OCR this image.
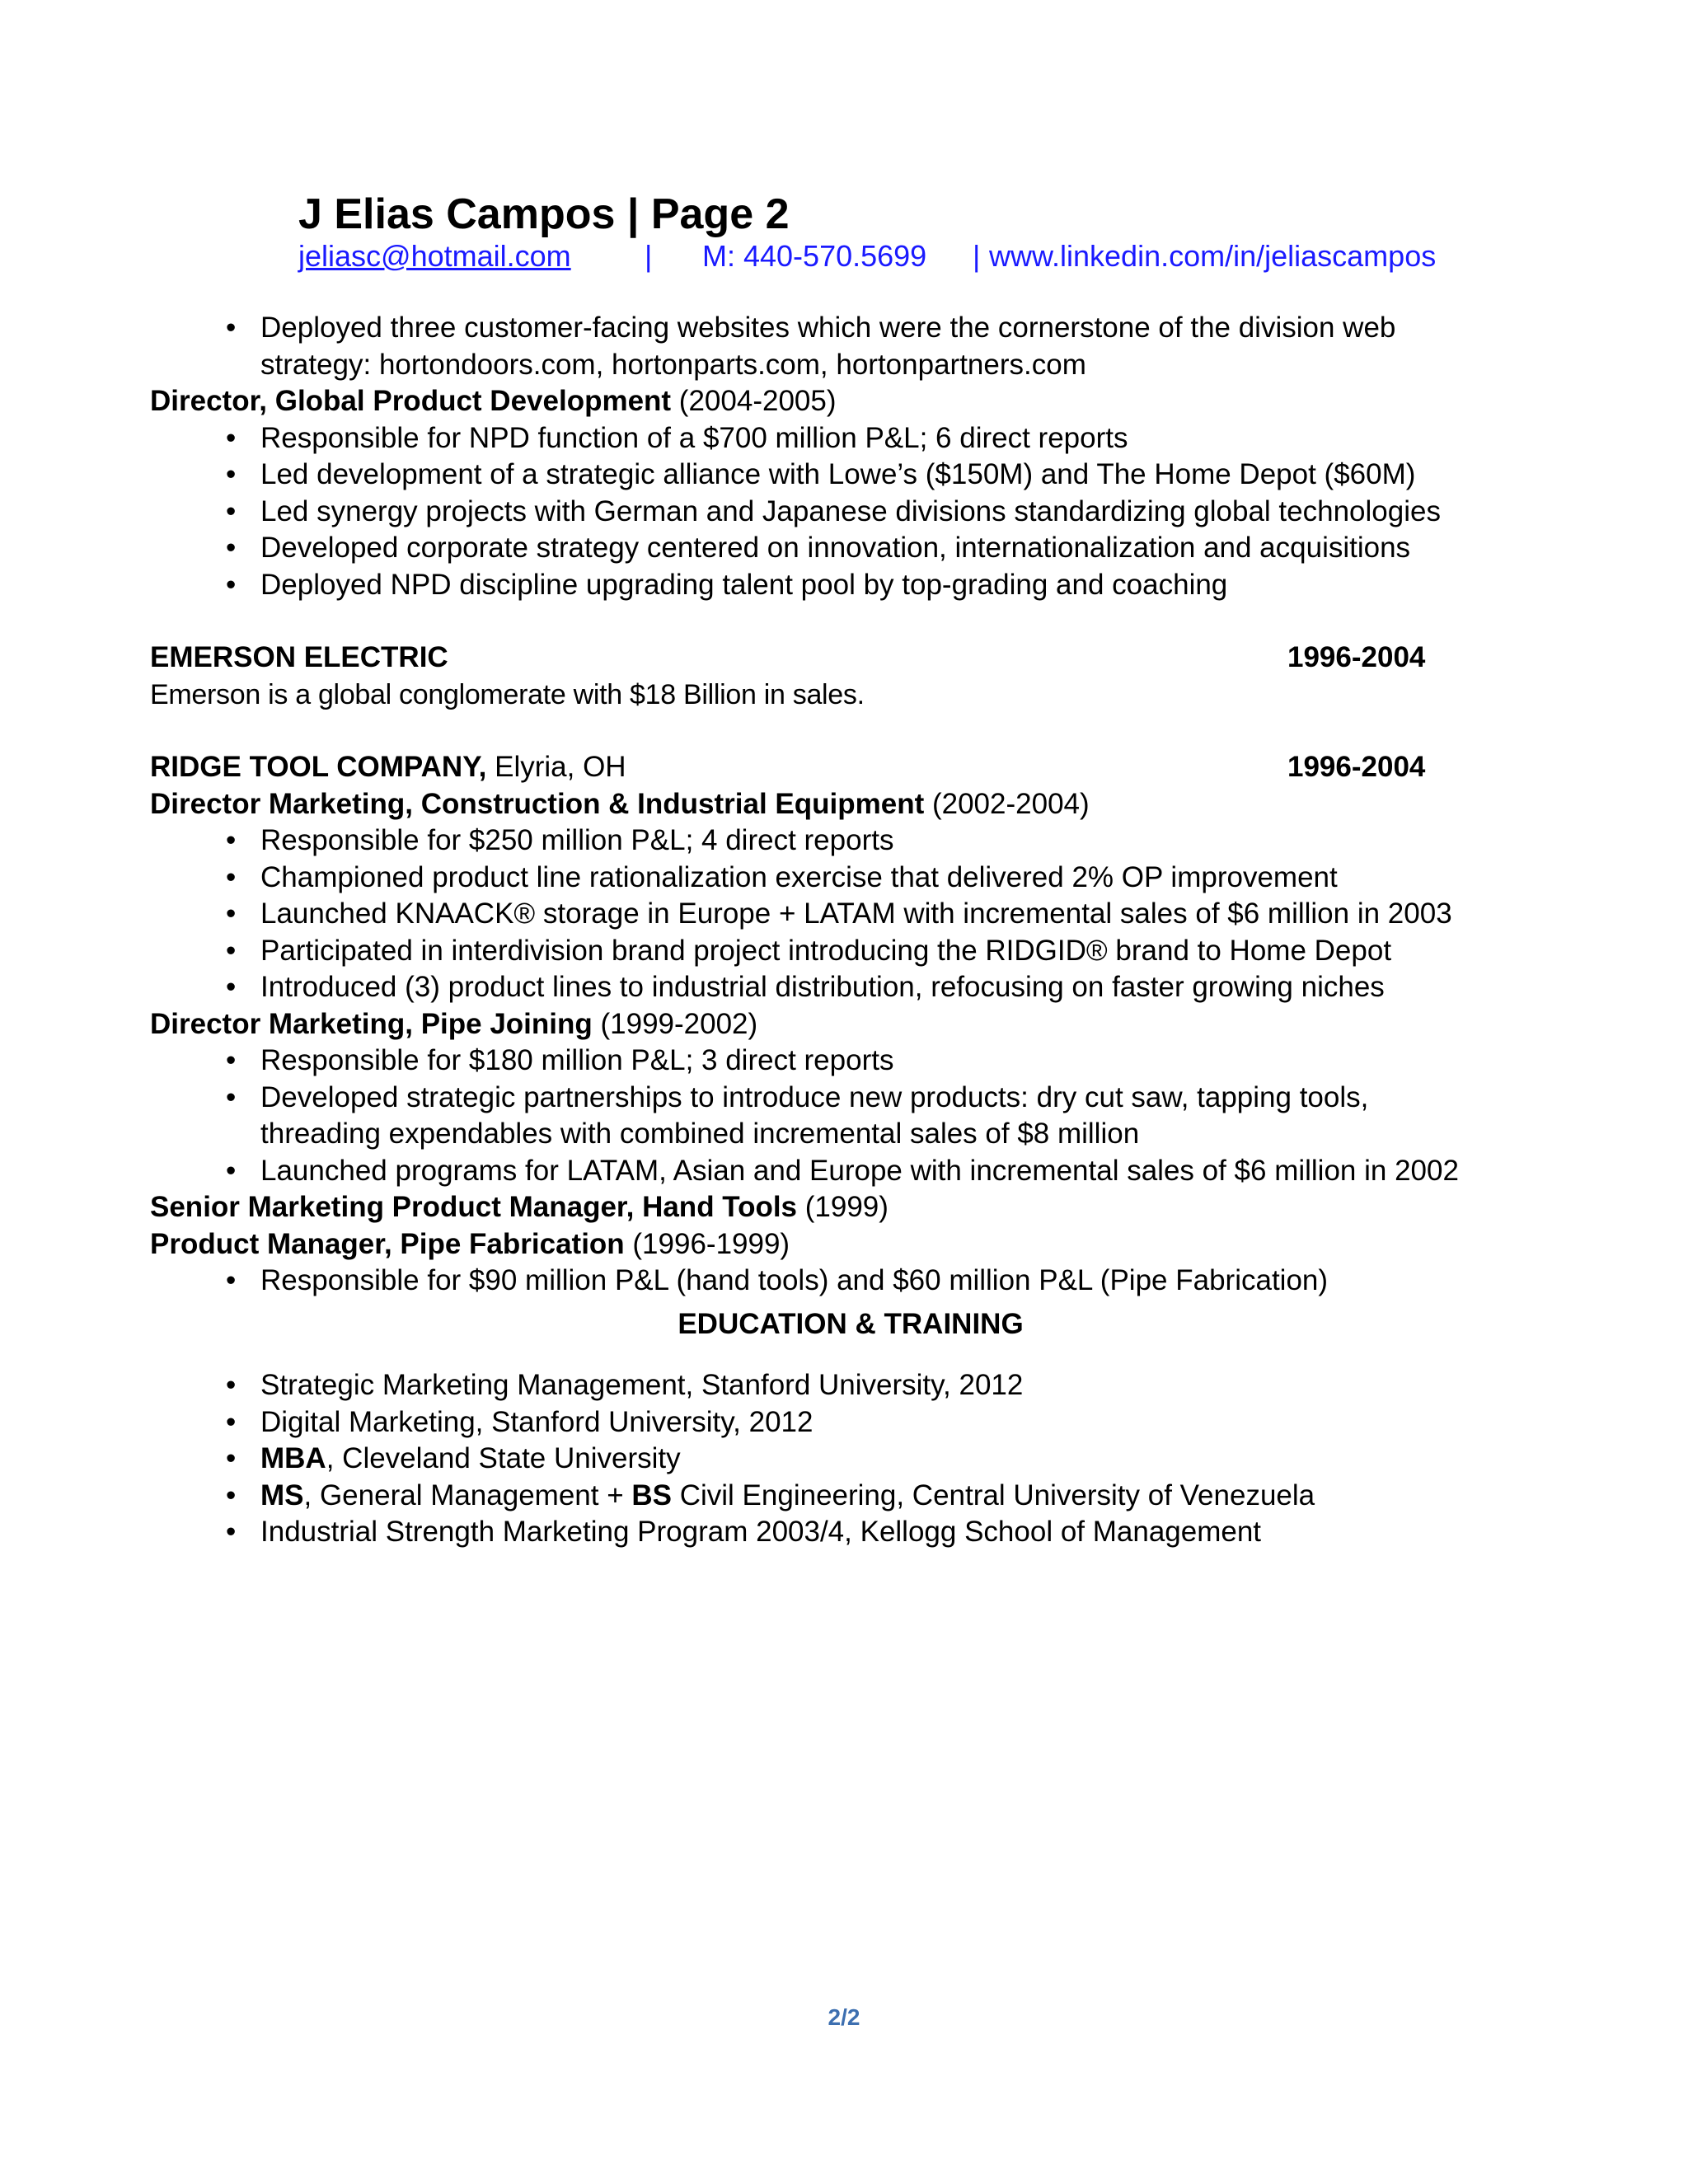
J Elias Campos | Page 2
jeliasc@hotmail.com | M: 440-570.5699 | www.linkedin.com/in/jeliascampos
• Deployed three customer-facing websites which were the cornerstone of the division web strategy: hortondoors.com, hortonparts.com, hortonpartners.com
Director, Global Product Development (2004-2005)
• Responsible for NPD function of a $700 million P&L; 6 direct reports
• Led development of a strategic alliance with Lowe’s ($150M) and The Home Depot ($60M)
• Led synergy projects with German and Japanese divisions standardizing global technologies
• Developed corporate strategy centered on innovation, internationalization and acquisitions
• Deployed NPD discipline upgrading talent pool by top-grading and coaching
EMERSON ELECTRIC	1996-2004
Emerson is a global conglomerate with $18 Billion in sales.
RIDGE TOOL COMPANY, Elyria, OH	1996-2004
Director Marketing, Construction & Industrial Equipment (2002-2004)
• Responsible for $250 million P&L; 4 direct reports
• Championed product line rationalization exercise that delivered 2% OP improvement
• Launched KNAACK® storage in Europe + LATAM with incremental sales of $6 million in 2003
• Participated in interdivision brand project introducing the RIDGID® brand to Home Depot
• Introduced (3) product lines to industrial distribution, refocusing on faster growing niches
Director Marketing, Pipe Joining (1999-2002)
• Responsible for $180 million P&L; 3 direct reports
• Developed strategic partnerships to introduce new products: dry cut saw, tapping tools, threading expendables with combined incremental sales of $8 million
• Launched programs for LATAM, Asian and Europe with incremental sales of $6 million in 2002
Senior Marketing Product Manager, Hand Tools (1999)
Product Manager, Pipe Fabrication (1996-1999)
• Responsible for $90 million P&L (hand tools) and $60 million P&L (Pipe Fabrication)
EDUCATION & TRAINING
• Strategic Marketing Management, Stanford University, 2012
• Digital Marketing, Stanford University, 2012
• MBA, Cleveland State University
• MS, General Management + BS Civil Engineering, Central University of Venezuela
• Industrial Strength Marketing Program 2003/4, Kellogg School of Management
2/2
